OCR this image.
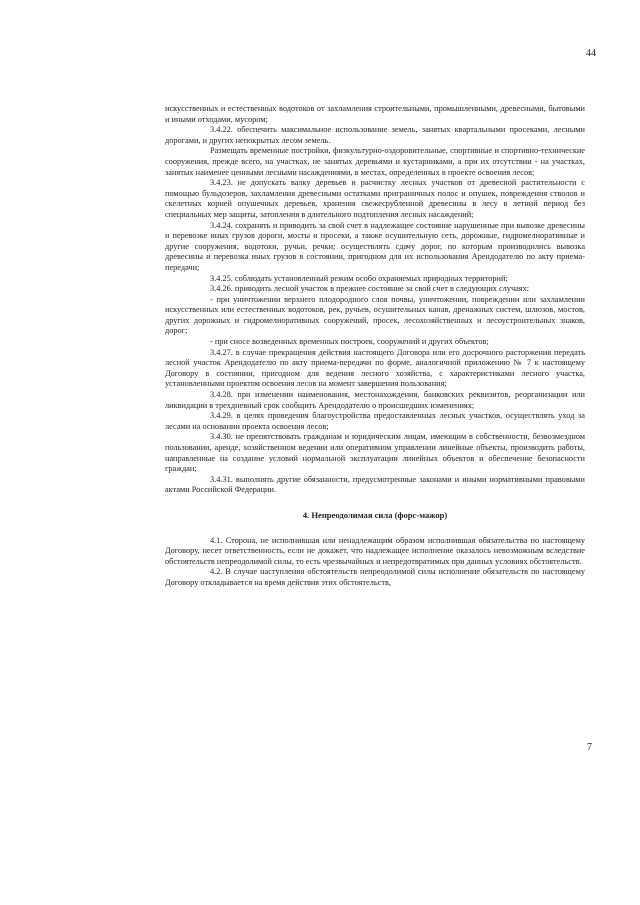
44

искусственных и естественных водотоков от захламления строительными, промышленными, древесными, бытовыми и иными отходами, мусором;

3.4.22. обеспечить максимальное использование земель, занятых квартальными просеками, лесными дорогами, и других непокрытых лесом земель.

Размещать временные постройки, физкультурно-оздоровительные, спортивные и спортивно-технические сооружения, прежде всего, на участках, не занятых деревьями и кустарниками, а при их отсутствии - на участках, занятых наименее ценными лесными насаждениями, в местах, определенных в проекте освоения лесов;

3.4.23. не допускать валку деревьев и расчистку лесных участков от древесной растительности с помощью бульдозеров, захламления древесными остатками приграничных полос и опушек, повреждения стволов и скелетных корней опушечных деревьев, хранения свежесрубленной древесины в лесу в летний период без специальных мер защиты, затопления в длительного подтопления лесных насаждений;

3.4.24. сохранять и приводить за свой счет в надлежащее состояние нарушенные при вывозке древесины и перевозке иных грузов дороги, мосты и просеки, а также осушительную сеть, дорожные, гидромелиоративные и другие сооружения, водотоки, ручьи, речки; осуществлять сдачу дорог, по которым производились вывозка древесины и перевозка иных грузов в состоянии, пригодном для их использования Арендодателю по акту приема-передачи;

3.4.25. соблюдать установленный режим особо охраняемых природных территорий;

3.4.26. приводить лесной участок в прежнее состояние за свой счет в следующих случаях:

- при уничтожении верхнего плодородного слоя почвы, уничтожении, повреждении или захламлении искусственных или естественных водотоков, рек, ручьев, осушительных канав, дренажных систем, шлюзов, мостов, других дорожных и гидромелиоративных сооружений, просек, лесохозяйственных и лесоустроительных знаков, дорог;

- при сносе возведенных временных построек, сооружений и других объектов;

3.4.27. в случае прекращения действия настоящего Договора или его досрочного расторжения передать лесной участок Арендодателю по акту приема-передачи по форме, аналогичной приложению № 7 к настоящему Договору в состоянии, пригодном для ведения лесного хозяйства, с характеристиками лесного участка, установленными проектом освоения лесов на момент завершения пользования;

3.4.28. при изменении наименования, местонахождения, банковских реквизитов, реорганизации или ликвидации в трехдневный срок сообщить Арендодателю о происшедших изменениях;

3.4.29. в целях проведения благоустройства предоставленных лесных участков, осуществлять уход за лесами на основании проекта освоения лесов;

3.4.30. не препятствовать гражданам и юридическим лицам, имеющим в собственности, безвозмездном пользовании, аренде, хозяйственном ведении или оперативном управлении линейные объекты, производить работы, направленные на создание условий нормальной эксплуатации линейных объектов и обеспечение безопасности граждан;

3.4.31. выполнять другие обязанности, предусмотренные законами и иными нормативными правовыми актами Российской Федерации.

4. Непреодолимая сила (форс-мажор)

4.1. Сторона, не исполнившая или ненадлежащим образом исполнившая обязательства по настоящему Договору, несет ответственность, если не докажет, что надлежащее исполнение оказалось невозможным вследствие обстоятельств непреодолимой силы, то есть чрезвычайных и непредотвратимых при данных условиях обстоятельств.

4.2. В случае наступления обстоятельств непреодолимой силы исполнение обязательств по настоящему Договору откладывается на время действия этих обстоятельств,

7
